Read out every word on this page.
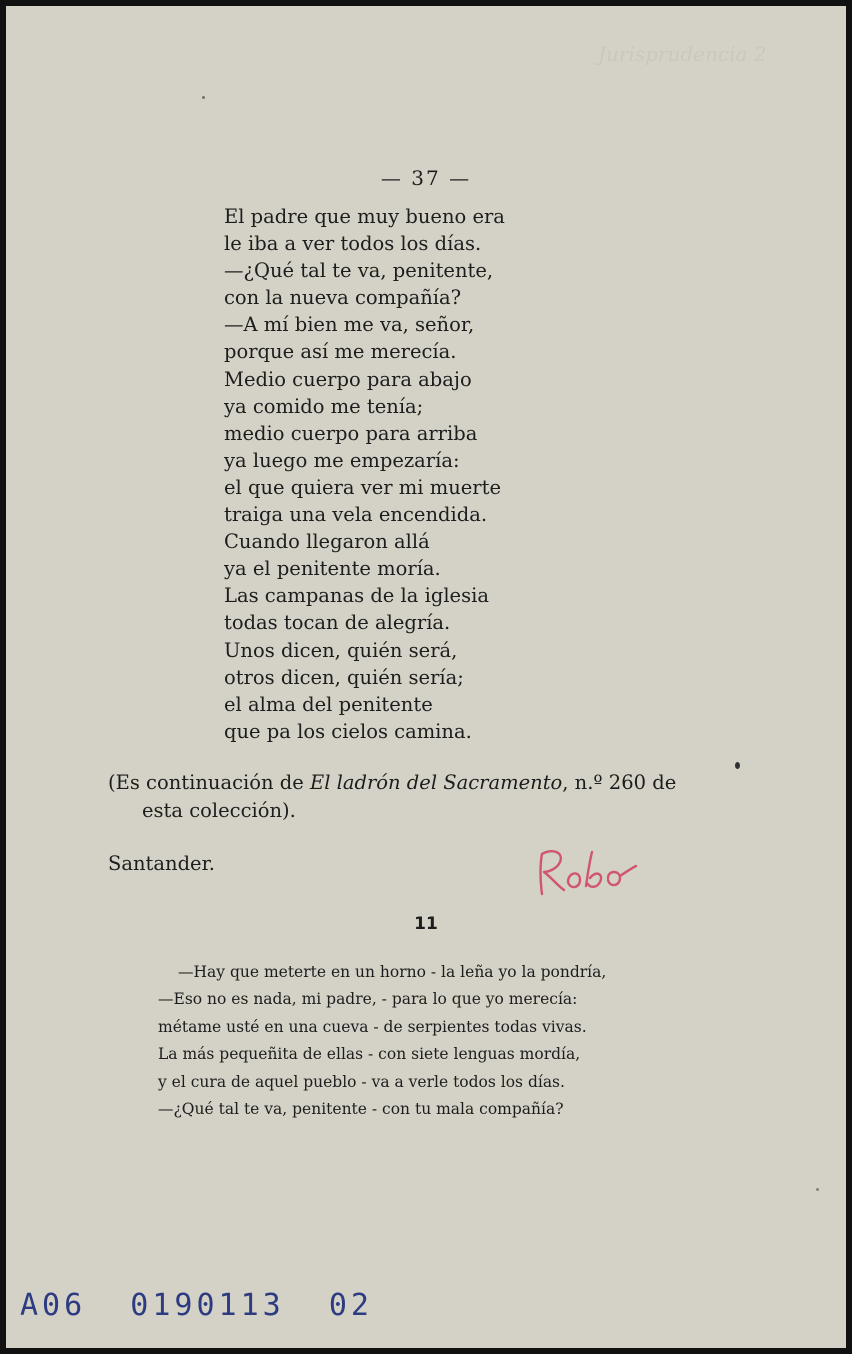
Jurisprudencia 2
— 37 —
El padre que muy bueno era
le iba a ver todos los días.
—¿Qué tal te va, penitente,
con la nueva compañía?
—A mí bien me va, señor,
porque así me merecía.
Medio cuerpo para abajo
ya comido me tenía;
medio cuerpo para arriba
ya luego me empezaría:
el que quiera ver mi muerte
traiga una vela encendida.
Cuando llegaron allá
ya el penitente moría.
Las campanas de la iglesia
todas tocan de alegría.
Unos dicen, quién será,
otros dicen, quién sería;
el alma del penitente
que pa los cielos camina.
(Es continuación de El ladrón del Sacramento, n.º 260 de
esta colección).
Santander.
11
—Hay que meterte en un horno - la leña yo la pondría,
—Eso no es nada, mi padre, - para lo que yo merecía:
métame usté en una cueva - de serpientes todas vivas.
La más pequeñita de ellas - con siete lenguas mordía,
y el cura de aquel pueblo - va a verle todos los días.
—¿Qué tal te va, penitente - con tu mala compañía?
A06  0190113  02
